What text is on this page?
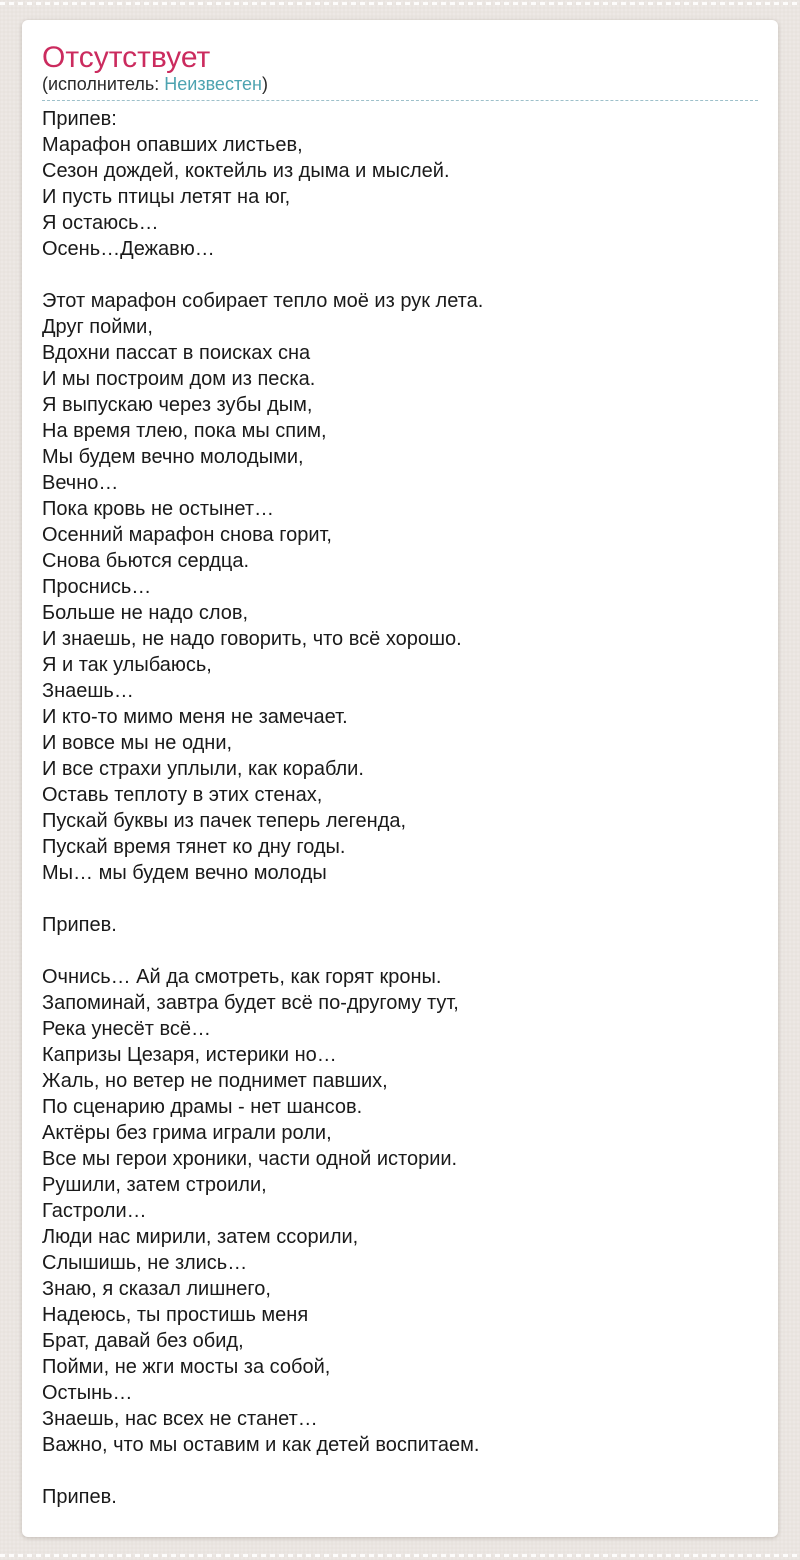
Отсутствует
(исполнитель: Неизвестен)
Припев:
Марафон опавших листьев,
Сезон дождей, коктейль из дыма и мыслей.
И пусть птицы летят на юг,
Я остаюсь…
Осень…Дежавю…

Этот марафон собирает тепло моё из рук лета.
Друг пойми,
Вдохни пассат в поисках сна
И мы построим дом из песка.
Я выпускаю через зубы дым,
На время тлею, пока мы спим,
Мы будем вечно молодыми,
Вечно…
Пока кровь не остынет…
Осенний марафон снова горит,
Снова бьются сердца.
Проснись…
Больше не надо слов,
И знаешь, не надо говорить, что всё хорошо.
Я и так улыбаюсь,
Знаешь…
И кто-то мимо меня не замечает.
И вовсе мы не одни,
И все страхи уплыли, как корабли.
Оставь теплоту в этих стенах,
Пускай буквы из пачек теперь легенда,
Пускай время тянет ко дну годы.
Мы… мы будем вечно молоды

Припев.

Очнись… Ай да смотреть, как горят кроны.
Запоминай, завтра будет всё по-другому тут,
Река унесёт всё…
Капризы Цезаря, истерики но…
Жаль, но ветер не поднимет павших,
По сценарию драмы - нет шансов.
Актёры без грима играли роли,
Все мы герои хроники, части одной истории.
Рушили, затем строили,
Гастроли…
Люди нас мирили, затем ссорили,
Слышишь, не злись…
Знаю, я сказал лишнего,
Надеюсь, ты простишь меня
Брат, давай без обид,
Пойми, не жги мосты за собой,
Остынь…
Знаешь, нас всех не станет…
Важно, что мы оставим и как детей воспитаем.

Припев.
